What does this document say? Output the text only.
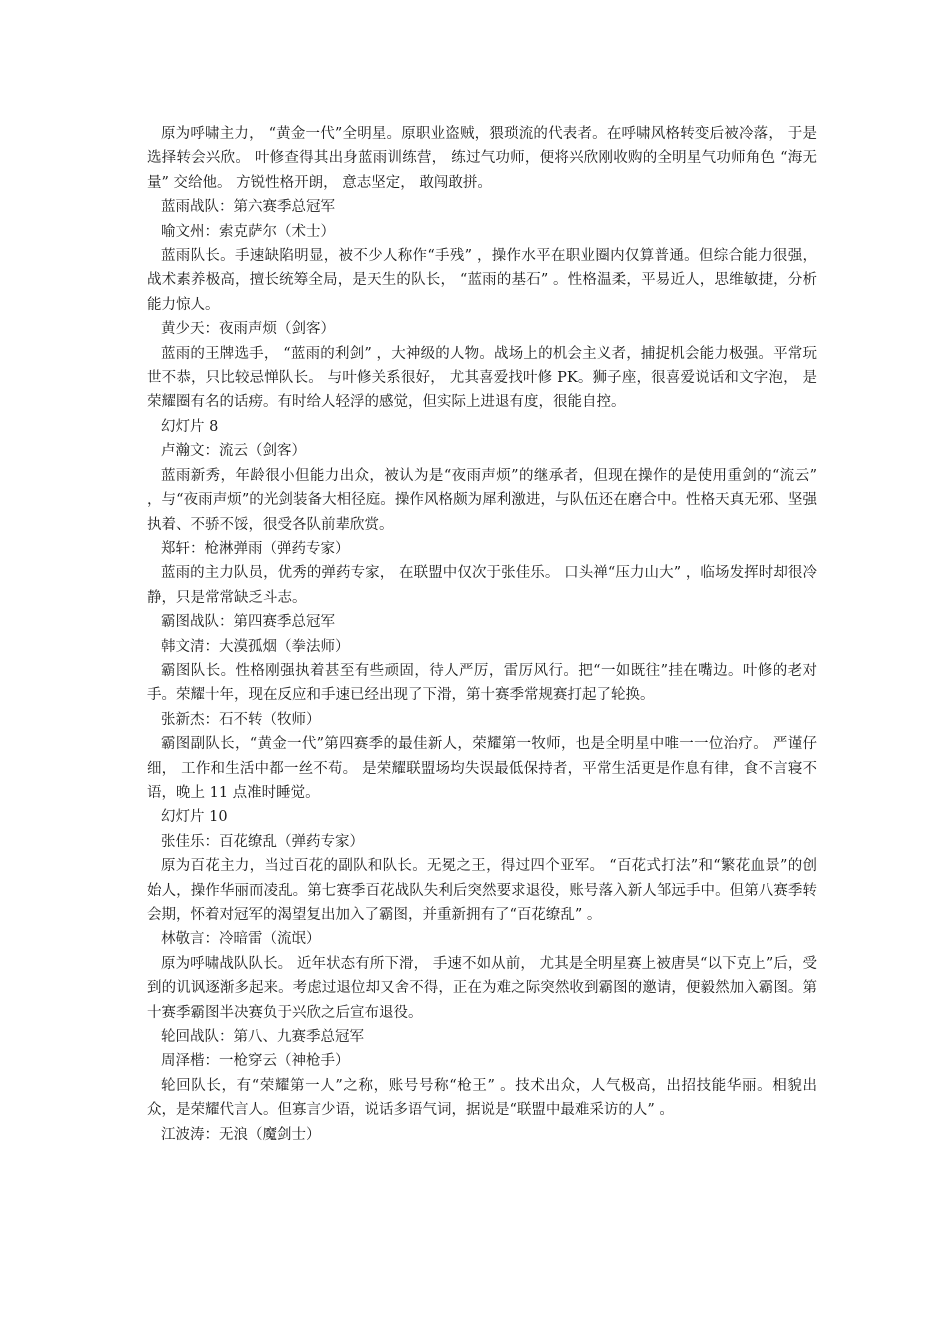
原为呼啸主力， “黄金一代”全明星。原职业盗贼，猥琐流的代表者。在呼啸风格转变后被冷落， 于是选择转会兴欣。 叶修查得其出身蓝雨训练营， 练过气功师，便将兴欣刚收购的全明星气功师角色 “海无量” 交给他。 方锐性格开朗， 意志坚定， 敢闯敢拼。

蓝雨战队：第六赛季总冠军

喻文州：索克萨尔（术士）

蓝雨队长。手速缺陷明显，被不少人称作“手残” ，操作水平在职业圈内仅算普通。但综合能力很强，战术素养极高，擅长统筹全局，是天生的队长， “蓝雨的基石” 。性格温柔，平易近人，思维敏捷，分析能力惊人。

黄少天：夜雨声烦（剑客）

蓝雨的王牌选手， “蓝雨的利剑” ，大神级的人物。战场上的机会主义者，捕捉机会能力极强。平常玩世不恭，只比较忌惮队长。 与叶修关系很好， 尤其喜爱找叶修 PK。狮子座，很喜爱说话和文字泡， 是荣耀圈有名的话痨。有时给人轻浮的感觉，但实际上进退有度，很能自控。

幻灯片 8

卢瀚文：流云（剑客）

蓝雨新秀，年龄很小但能力出众，被认为是“夜雨声烦”的继承者，但现在操作的是使用重剑的“流云” ，与“夜雨声烦”的光剑装备大相径庭。操作风格颇为犀利激进，与队伍还在磨合中。性格天真无邪、坚强执着、不骄不馁，很受各队前辈欣赏。

郑轩：枪淋弹雨（弹药专家）

蓝雨的主力队员，优秀的弹药专家， 在联盟中仅次于张佳乐。 口头禅“压力山大” ，临场发挥时却很冷静，只是常常缺乏斗志。

霸图战队：第四赛季总冠军

韩文清：大漠孤烟（拳法师）

霸图队长。性格刚强执着甚至有些顽固，待人严厉，雷厉风行。把“一如既往”挂在嘴边。叶修的老对手。荣耀十年，现在反应和手速已经出现了下滑，第十赛季常规赛打起了轮换。

张新杰：石不转（牧师）

霸图副队长，“黄金一代”第四赛季的最佳新人，荣耀第一牧师，也是全明星中唯一一位治疗。 严谨仔细， 工作和生活中都一丝不苟。 是荣耀联盟场均失误最低保持者，平常生活更是作息有律，食不言寝不语，晚上 11 点准时睡觉。

幻灯片 10

张佳乐：百花缭乱（弹药专家）

原为百花主力，当过百花的副队和队长。无冕之王，得过四个亚军。 “百花式打法”和“繁花血景”的创始人，操作华丽而凌乱。第七赛季百花战队失利后突然要求退役，账号落入新人邹远手中。但第八赛季转会期，怀着对冠军的渴望复出加入了霸图，并重新拥有了“百花缭乱” 。

林敬言：冷暗雷（流氓）

原为呼啸战队队长。 近年状态有所下滑， 手速不如从前， 尤其是全明星赛上被唐昊“以下克上”后，受到的讥讽逐渐多起来。考虑过退位却又舍不得，正在为难之际突然收到霸图的邀请，便毅然加入霸图。第十赛季霸图半决赛负于兴欣之后宣布退役。

轮回战队：第八、九赛季总冠军

周泽楷：一枪穿云（神枪手）

轮回队长，有“荣耀第一人”之称，账号号称“枪王” 。技术出众，人气极高，出招技能华丽。相貌出众，是荣耀代言人。但寡言少语，说话多语气词，据说是“联盟中最难采访的人” 。

江波涛：无浪（魔剑士）
